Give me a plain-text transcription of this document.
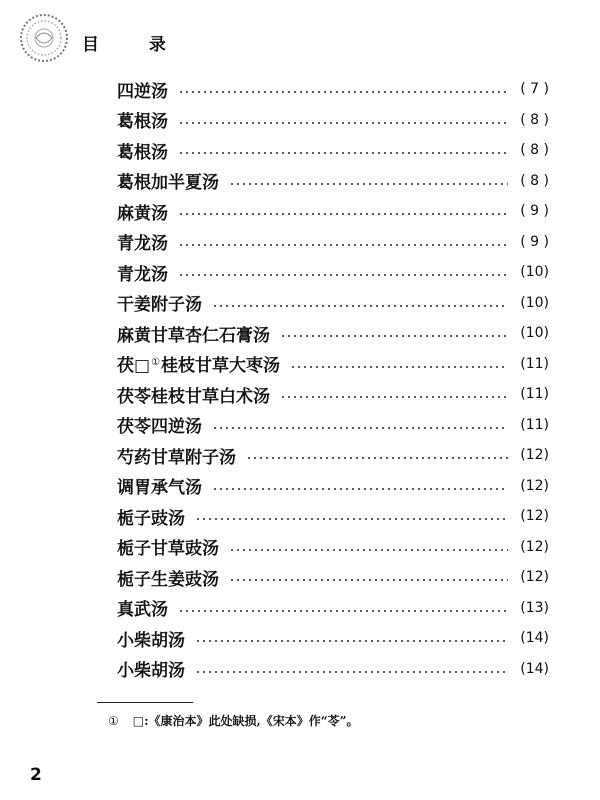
目 录
四逆汤	( 7 )
葛根汤	( 8 )
葛根汤	( 8 )
葛根加半夏汤	( 8 )
麻黄汤	( 9 )
青龙汤	( 9 )
青龙汤	(10)
干姜附子汤	(10)
麻黄甘草杏仁石膏汤	(10)
茯□①桂枝甘草大枣汤	(11)
茯苓桂枝甘草白术汤	(11)
茯苓四逆汤	(11)
芍药甘草附子汤	(12)
调胃承气汤	(12)
栀子豉汤	(12)
栀子甘草豉汤	(12)
栀子生姜豉汤	(12)
真武汤	(13)
小柴胡汤	(14)
小柴胡汤	(14)
① □:《康治本》此处缺损,《宋本》作“苓”。
2
